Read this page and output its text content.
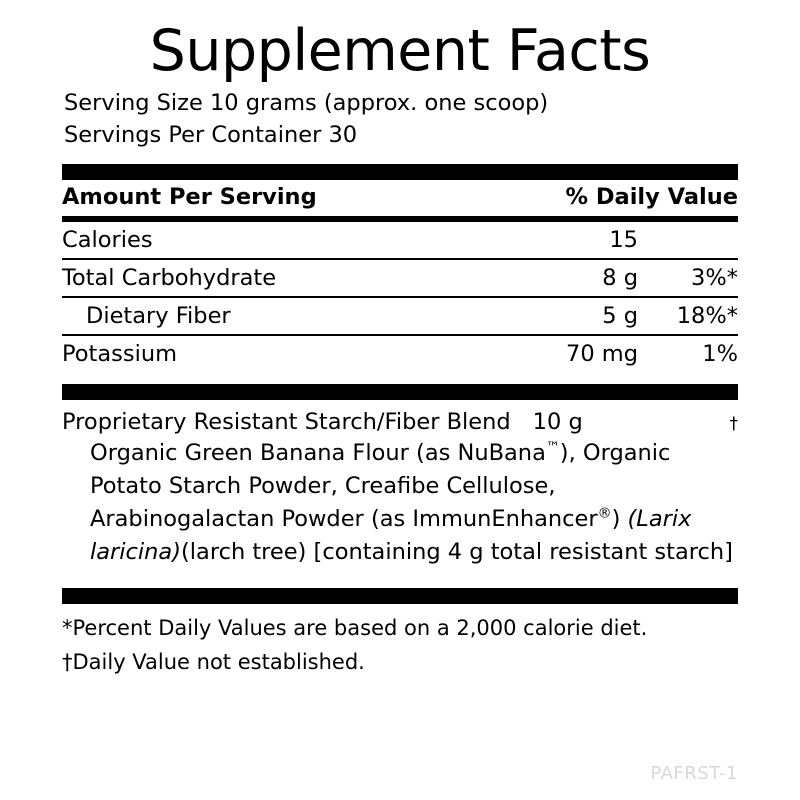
Supplement Facts
Serving Size 10 grams (approx. one scoop)
Servings Per Container 30
Amount Per Serving	% Daily Value
Calories	15
Total Carbohydrate	8 g	3%*
Dietary Fiber	5 g	18%*
Potassium	70 mg	1%
Proprietary Resistant Starch/Fiber Blend 10 g	†
Organic Green Banana Flour (as NuBana™), Organic Potato Starch Powder, Creafibe Cellulose, Arabinogalactan Powder (as ImmunEnhancer®) (Larix laricina)(larch tree) [containing 4 g total resistant starch]
*Percent Daily Values are based on a 2,000 calorie diet.
†Daily Value not established.
PAFRST-1
